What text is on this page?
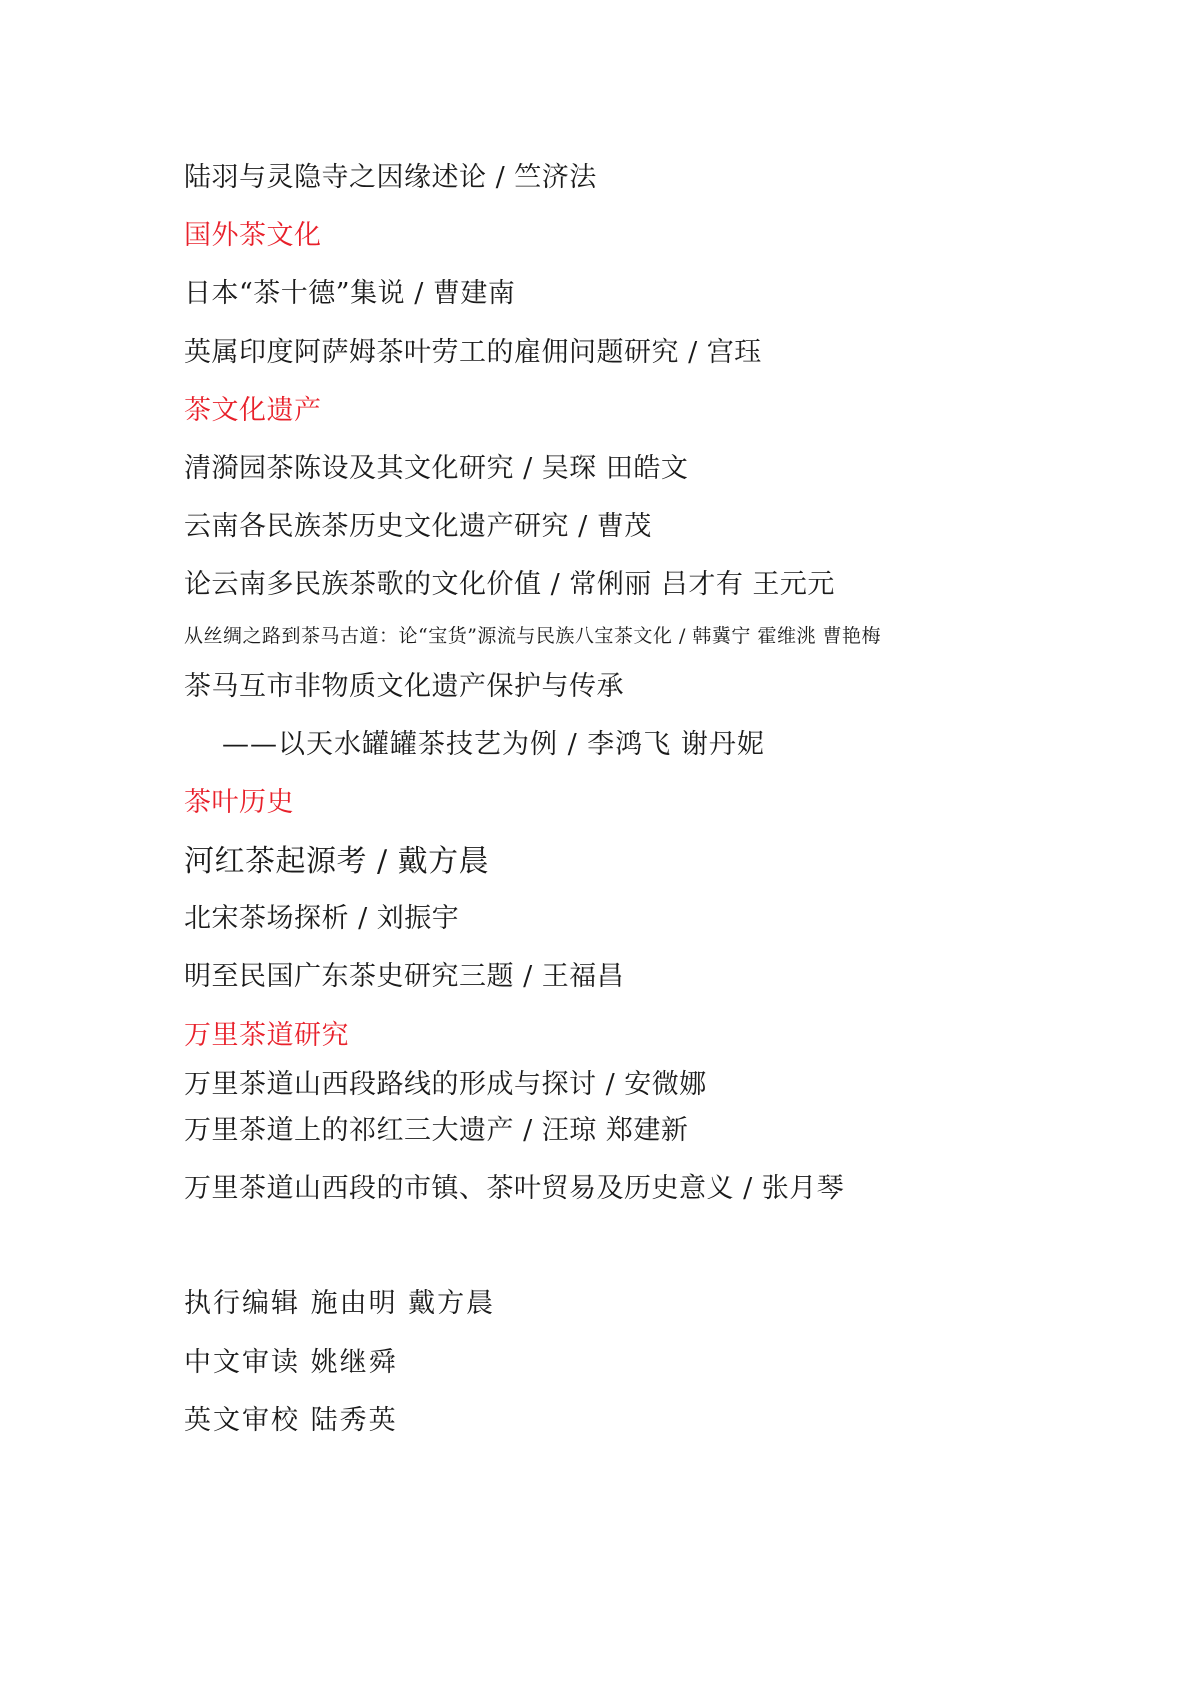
陆羽与灵隐寺之因缘述论 / 竺济法
国外茶文化
日本“茶十德”集说 / 曹建南
英属印度阿萨姆茶叶劳工的雇佣问题研究 / 宫珏
茶文化遗产
清漪园茶陈设及其文化研究 / 吴琛 田皓文
云南各民族茶历史文化遗产研究 / 曹茂
论云南多民族茶歌的文化价值 / 常俐丽 吕才有 王元元
从丝绸之路到茶马古道：论“宝货”源流与民族八宝茶文化 / 韩冀宁 霍维洮 曹艳梅
茶马互市非物质文化遗产保护与传承
——以天水罐罐茶技艺为例 / 李鸿飞 谢丹妮
茶叶历史
河红茶起源考 / 戴方晨
北宋茶场探析 / 刘振宇
明至民国广东茶史研究三题 / 王福昌
万里茶道研究
万里茶道山西段路线的形成与探讨 / 安微娜
万里茶道上的祁红三大遗产 / 汪琼 郑建新
万里茶道山西段的市镇、茶叶贸易及历史意义 / 张月琴
执行编辑 施由明 戴方晨
中文审读 姚继舜
英文审校 陆秀英
